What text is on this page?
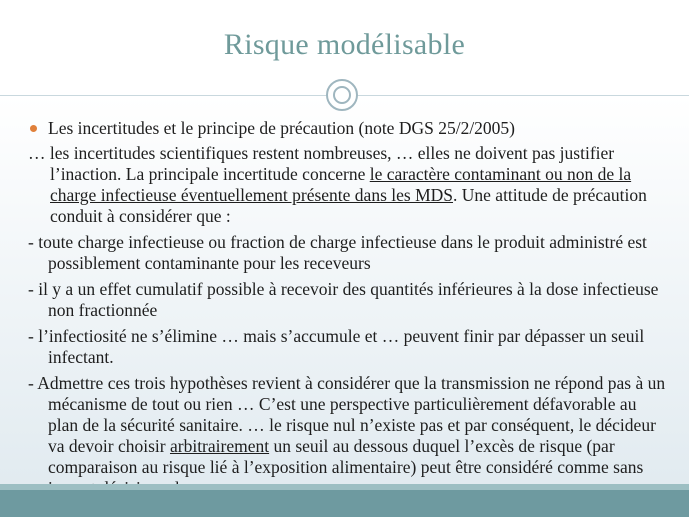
Risque modélisable
Les incertitudes et le principe de précaution (note DGS 25/2/2005)
… les incertitudes scientifiques restent nombreuses, … elles ne doivent pas justifier l’inaction. La principale incertitude concerne le caractère contaminant ou non de la charge infectieuse éventuellement présente dans les MDS. Une attitude de précaution conduit à considérer que :
- toute charge infectieuse ou fraction de charge infectieuse dans le produit administré est possiblement contaminante pour les receveurs
- il y a un effet cumulatif possible à recevoir des quantités inférieures à la dose infectieuse non fractionnée
- l’infectiosité ne s’élimine … mais s’accumule et … peuvent finir par dépasser un seuil infectant.
- Admettre ces trois hypothèses revient à considérer que la transmission ne répond pas à un mécanisme de tout ou rien … C’est une perspective particulièrement défavorable au plan de la sécurité sanitaire. … le risque nul n’existe pas et par conséquent, le décideur va devoir choisir arbitrairement un seuil au dessous duquel l’excès de risque (par comparaison au risque lié à l’exposition alimentaire) peut être considéré comme sans
